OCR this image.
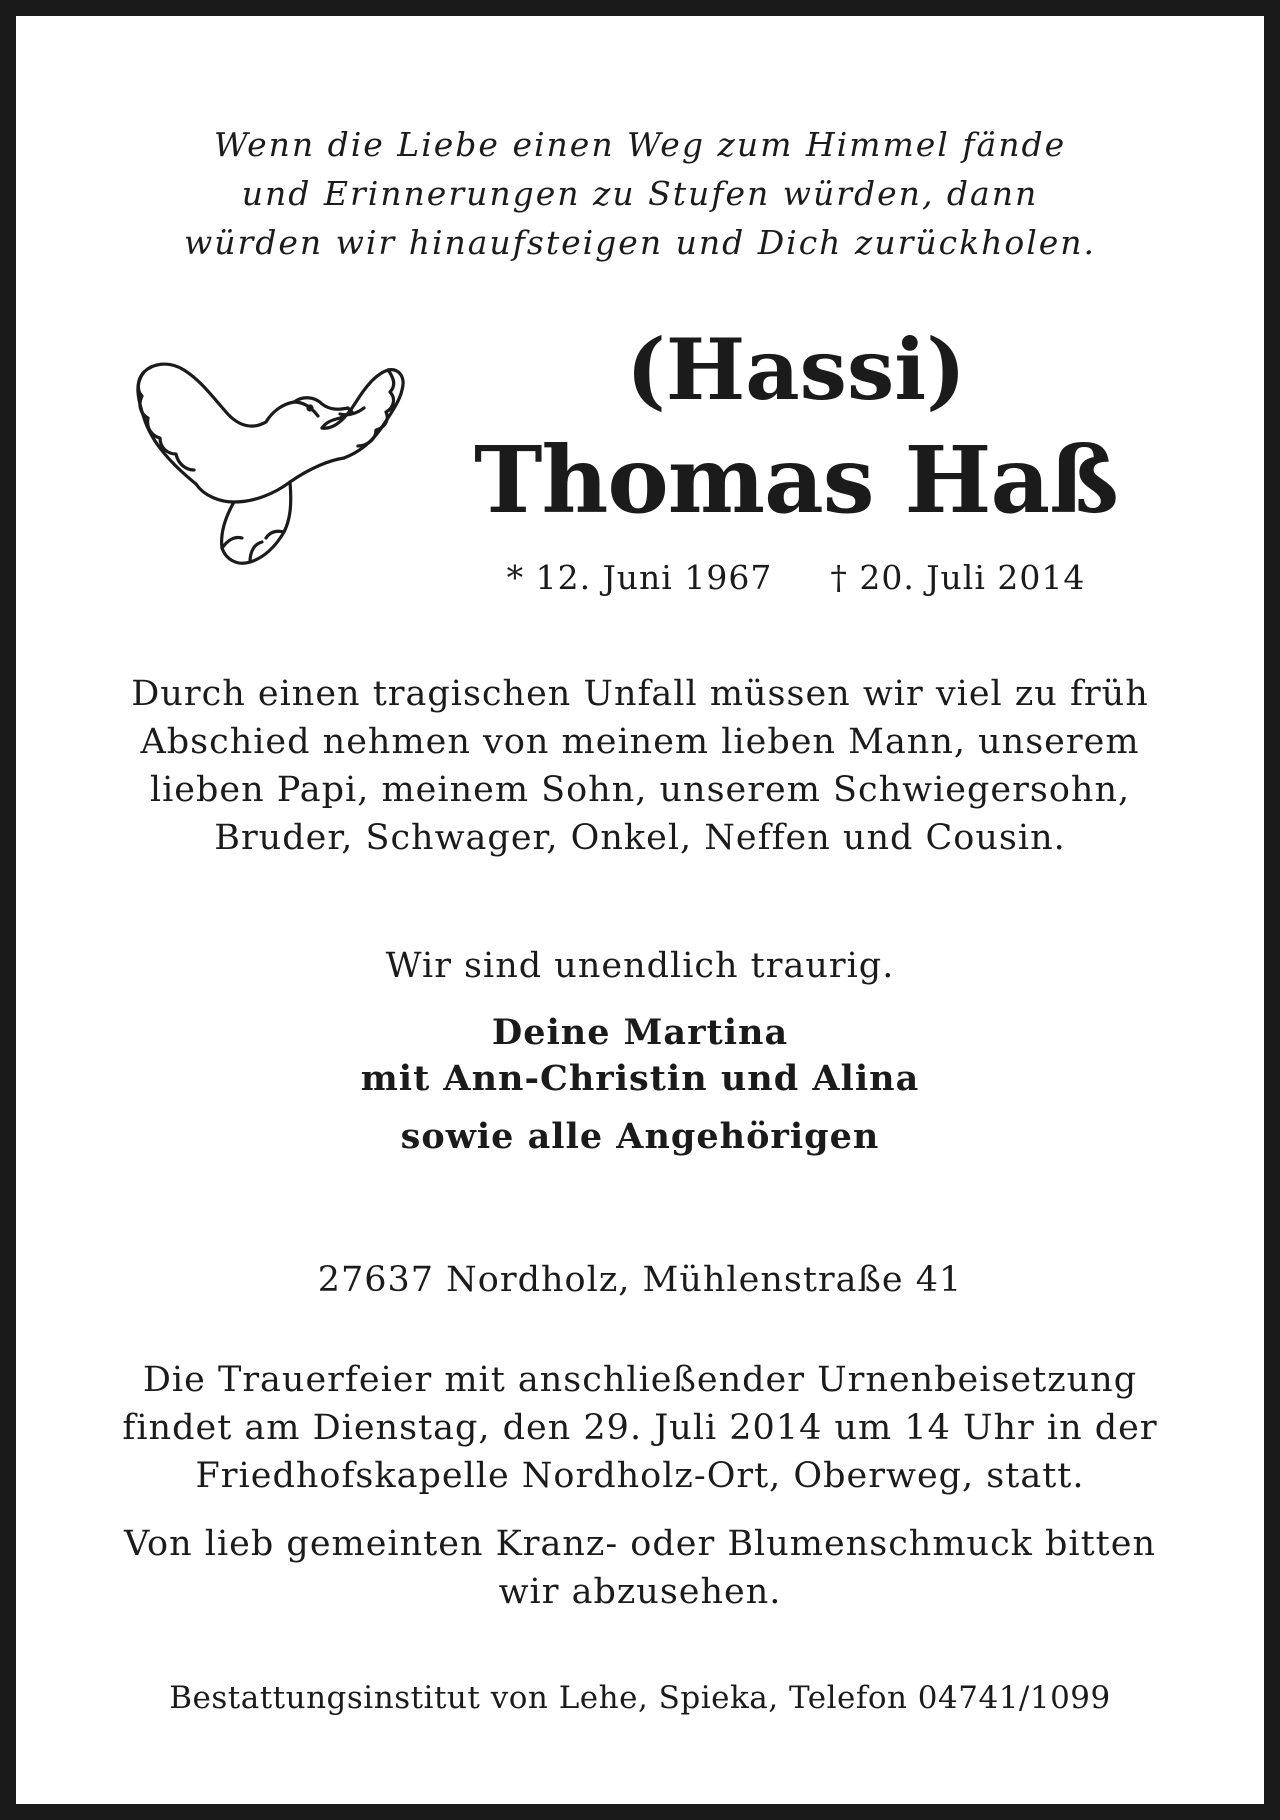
Wenn die Liebe einen Weg zum Himmel fände
und Erinnerungen zu Stufen würden, dann
würden wir hinaufsteigen und Dich zurückholen.
(Hassi)
Thomas Haß
* 12. Juni 1967 † 20. Juli 2014
Durch einen tragischen Unfall müssen wir viel zu früh
Abschied nehmen von meinem lieben Mann, unserem
lieben Papi, meinem Sohn, unserem Schwiegersohn,
Bruder, Schwager, Onkel, Neffen und Cousin.
Wir sind unendlich traurig.
Deine Martina
mit Ann-Christin und Alina
sowie alle Angehörigen
27637 Nordholz, Mühlenstraße 41
Die Trauerfeier mit anschließender Urnenbeisetzung
findet am Dienstag, den 29. Juli 2014 um 14 Uhr in der
Friedhofskapelle Nordholz-Ort, Oberweg, statt.
Von lieb gemeinten Kranz- oder Blumenschmuck bitten
wir abzusehen.
Bestattungsinstitut von Lehe, Spieka, Telefon 04741/1099
